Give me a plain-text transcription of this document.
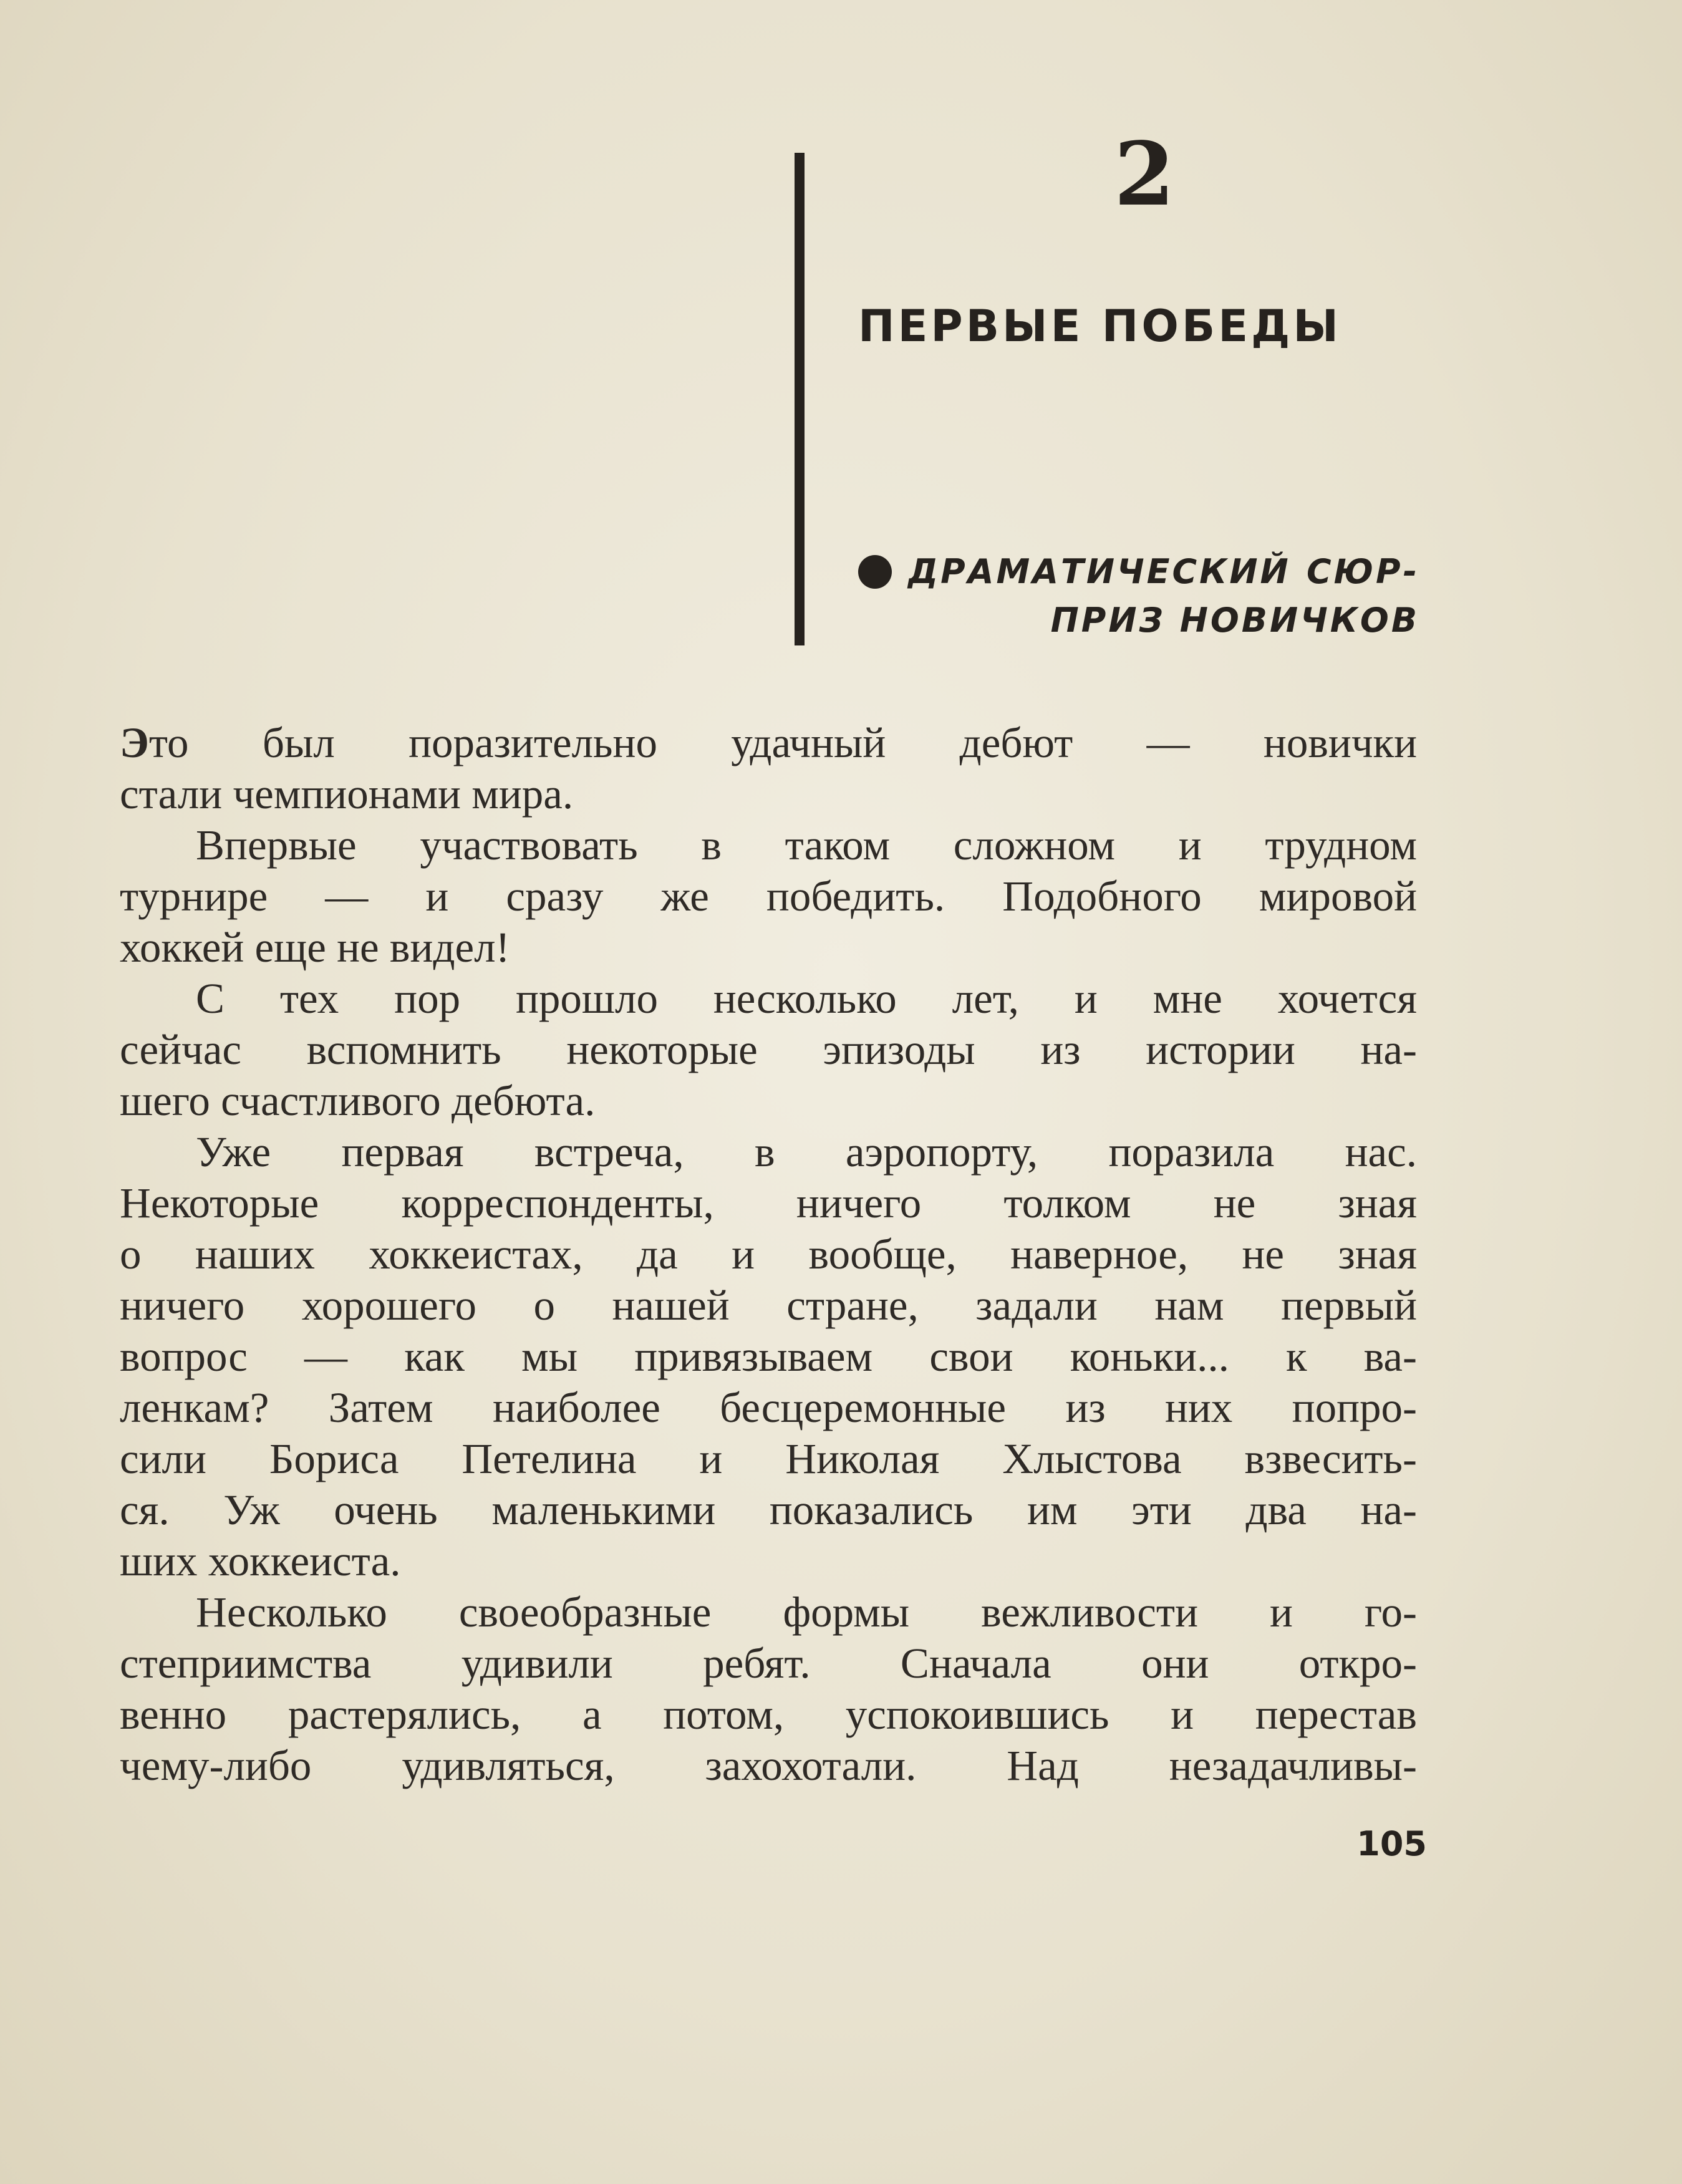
2
ПЕРВЫЕ ПОБЕДЫ
ДРАМАТИЧЕСКИЙ СЮР-
ПРИЗ НОВИЧКОВ
Это был поразительно удачный дебют — новички
стали чемпионами мира.
Впервые участвовать в таком сложном и трудном
турнире — и сразу же победить. Подобного мировой
хоккей еще не видел!
С тех пор прошло несколько лет, и мне хочется
сейчас вспомнить некоторые эпизоды из истории на-
шего счастливого дебюта.
Уже первая встреча, в аэропорту, поразила нас.
Некоторые корреспонденты, ничего толком не зная
о наших хоккеистах, да и вообще, наверное, не зная
ничего хорошего о нашей стране, задали нам первый
вопрос — как мы привязываем свои коньки... к ва-
ленкам? Затем наиболее бесцеремонные из них попро-
сили Бориса Петелина и Николая Хлыстова взвесить-
ся. Уж очень маленькими показались им эти два на-
ших хоккеиста.
Несколько своеобразные формы вежливости и го-
степриимства удивили ребят. Сначала они откро-
венно растерялись, а потом, успокоившись и перестав
чему-либо удивляться, захохотали. Над незадачливы-
105
